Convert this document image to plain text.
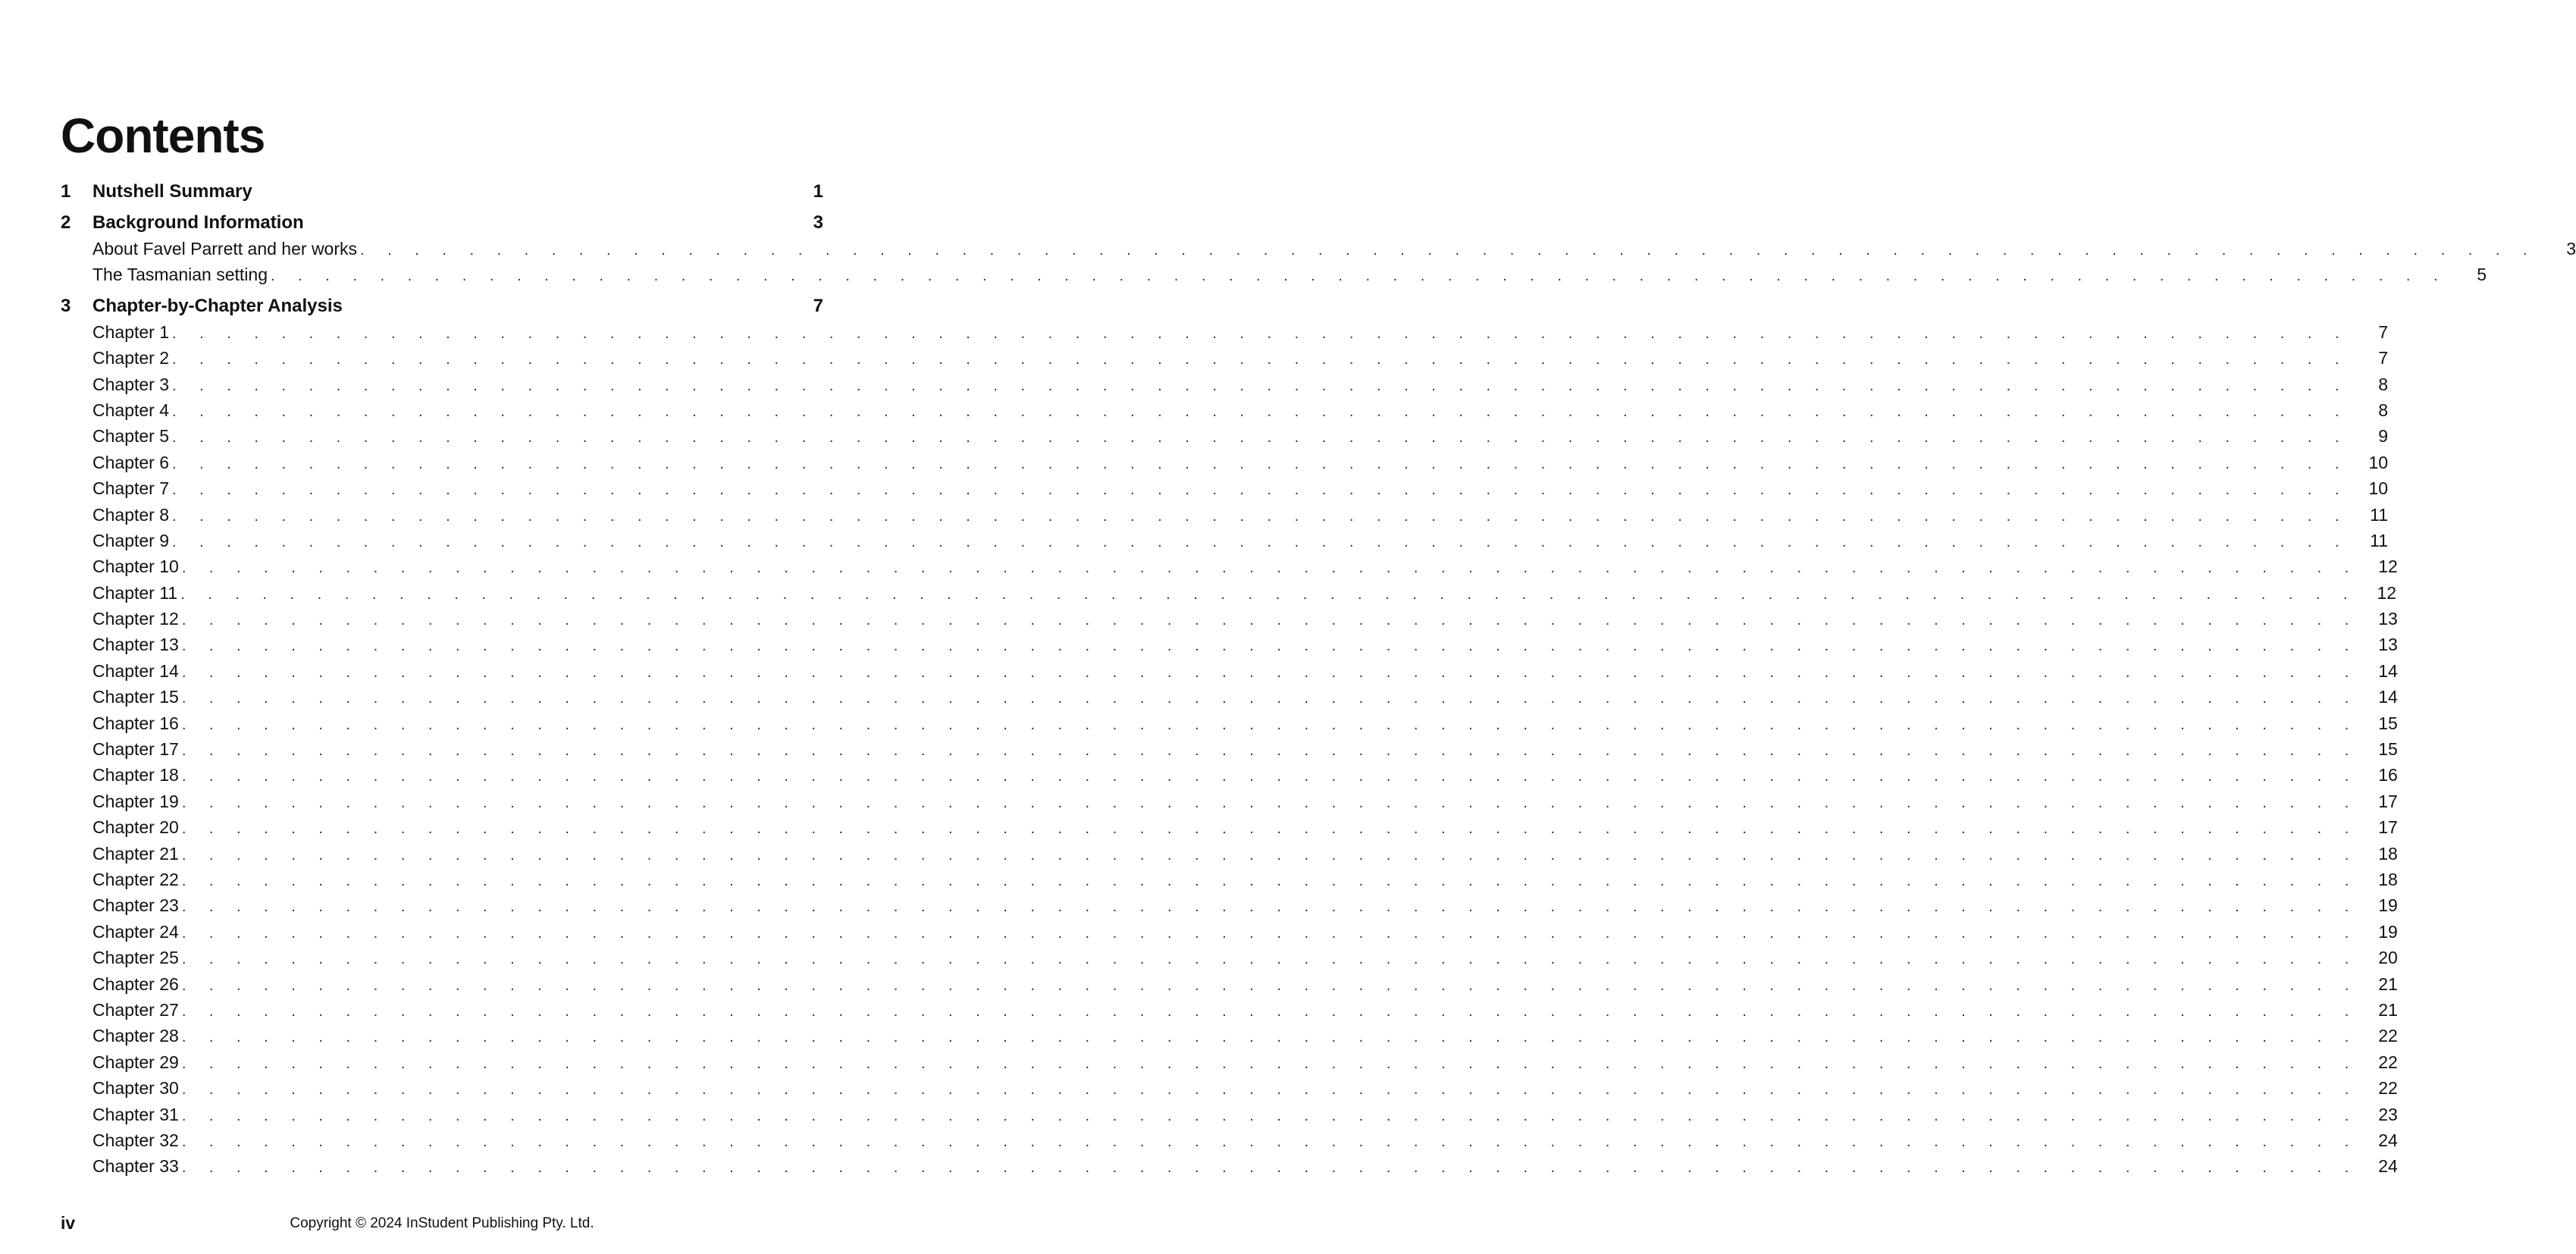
Contents
1	Nutshell Summary	1
2	Background Information	3
About Favel Parrett and her works . . . . . . . . . . . . . . . . . . . . . . . . . . . . . . . . . . . . . . . . . . . . . . . . . . . . . . . . . . . . . . . . . . . . . . . . . . . . . . . .	3
The Tasmanian setting . . . . . . . . . . . . . . . . . . . . . . . . . . . . . . . . . . . . . . . . . . . . . . . . . . . . . . . . . . . . . . . . . . . . . . . . . . . . . . . .	5
3	Chapter-by-Chapter Analysis	7
Chapter 1 . . . . . . . . . . . . . . . . . . . . . . . . . . . . . . . . . . . . . . . . . . . . . . . . . . . . . . . . . . . . . . . . . . . . . . . . . . . . . . . .	7
Chapter 2 . . . . . . . . . . . . . . . . . . . . . . . . . . . . . . . . . . . . . . . . . . . . . . . . . . . . . . . . . . . . . . . . . . . . . . . . . . . . . . . .	7
Chapter 3 . . . . . . . . . . . . . . . . . . . . . . . . . . . . . . . . . . . . . . . . . . . . . . . . . . . . . . . . . . . . . . . . . . . . . . . . . . . . . . . .	8
Chapter 4 . . . . . . . . . . . . . . . . . . . . . . . . . . . . . . . . . . . . . . . . . . . . . . . . . . . . . . . . . . . . . . . . . . . . . . . . . . . . . . . .	8
Chapter 5 . . . . . . . . . . . . . . . . . . . . . . . . . . . . . . . . . . . . . . . . . . . . . . . . . . . . . . . . . . . . . . . . . . . . . . . . . . . . . . . .	9
Chapter 6 . . . . . . . . . . . . . . . . . . . . . . . . . . . . . . . . . . . . . . . . . . . . . . . . . . . . . . . . . . . . . . . . . . . . . . . . . . . . . . . .	10
Chapter 7 . . . . . . . . . . . . . . . . . . . . . . . . . . . . . . . . . . . . . . . . . . . . . . . . . . . . . . . . . . . . . . . . . . . . . . . . . . . . . . . .	10
Chapter 8 . . . . . . . . . . . . . . . . . . . . . . . . . . . . . . . . . . . . . . . . . . . . . . . . . . . . . . . . . . . . . . . . . . . . . . . . . . . . . . . .	11
Chapter 9 . . . . . . . . . . . . . . . . . . . . . . . . . . . . . . . . . . . . . . . . . . . . . . . . . . . . . . . . . . . . . . . . . . . . . . . . . . . . . . . .	11
Chapter 10 . . . . . . . . . . . . . . . . . . . . . . . . . . . . . . . . . . . . . . . . . . . . . . . . . . . . . . . . . . . . . . . . . . . . . . . . . . . . . . . .	12
Chapter 11 . . . . . . . . . . . . . . . . . . . . . . . . . . . . . . . . . . . . . . . . . . . . . . . . . . . . . . . . . . . . . . . . . . . . . . . . . . . . . . . .	12
Chapter 12 . . . . . . . . . . . . . . . . . . . . . . . . . . . . . . . . . . . . . . . . . . . . . . . . . . . . . . . . . . . . . . . . . . . . . . . . . . . . . . . .	13
Chapter 13 . . . . . . . . . . . . . . . . . . . . . . . . . . . . . . . . . . . . . . . . . . . . . . . . . . . . . . . . . . . . . . . . . . . . . . . . . . . . . . . .	13
Chapter 14 . . . . . . . . . . . . . . . . . . . . . . . . . . . . . . . . . . . . . . . . . . . . . . . . . . . . . . . . . . . . . . . . . . . . . . . . . . . . . . . .	14
Chapter 15 . . . . . . . . . . . . . . . . . . . . . . . . . . . . . . . . . . . . . . . . . . . . . . . . . . . . . . . . . . . . . . . . . . . . . . . . . . . . . . . .	14
Chapter 16 . . . . . . . . . . . . . . . . . . . . . . . . . . . . . . . . . . . . . . . . . . . . . . . . . . . . . . . . . . . . . . . . . . . . . . . . . . . . . . . .	15
Chapter 17 . . . . . . . . . . . . . . . . . . . . . . . . . . . . . . . . . . . . . . . . . . . . . . . . . . . . . . . . . . . . . . . . . . . . . . . . . . . . . . . .	15
Chapter 18 . . . . . . . . . . . . . . . . . . . . . . . . . . . . . . . . . . . . . . . . . . . . . . . . . . . . . . . . . . . . . . . . . . . . . . . . . . . . . . . .	16
Chapter 19 . . . . . . . . . . . . . . . . . . . . . . . . . . . . . . . . . . . . . . . . . . . . . . . . . . . . . . . . . . . . . . . . . . . . . . . . . . . . . . . .	17
Chapter 20 . . . . . . . . . . . . . . . . . . . . . . . . . . . . . . . . . . . . . . . . . . . . . . . . . . . . . . . . . . . . . . . . . . . . . . . . . . . . . . . .	17
Chapter 21 . . . . . . . . . . . . . . . . . . . . . . . . . . . . . . . . . . . . . . . . . . . . . . . . . . . . . . . . . . . . . . . . . . . . . . . . . . . . . . . .	18
Chapter 22 . . . . . . . . . . . . . . . . . . . . . . . . . . . . . . . . . . . . . . . . . . . . . . . . . . . . . . . . . . . . . . . . . . . . . . . . . . . . . . . .	18
Chapter 23 . . . . . . . . . . . . . . . . . . . . . . . . . . . . . . . . . . . . . . . . . . . . . . . . . . . . . . . . . . . . . . . . . . . . . . . . . . . . . . . .	19
Chapter 24 . . . . . . . . . . . . . . . . . . . . . . . . . . . . . . . . . . . . . . . . . . . . . . . . . . . . . . . . . . . . . . . . . . . . . . . . . . . . . . . .	19
Chapter 25 . . . . . . . . . . . . . . . . . . . . . . . . . . . . . . . . . . . . . . . . . . . . . . . . . . . . . . . . . . . . . . . . . . . . . . . . . . . . . . . .	20
Chapter 26 . . . . . . . . . . . . . . . . . . . . . . . . . . . . . . . . . . . . . . . . . . . . . . . . . . . . . . . . . . . . . . . . . . . . . . . . . . . . . . . .	21
Chapter 27 . . . . . . . . . . . . . . . . . . . . . . . . . . . . . . . . . . . . . . . . . . . . . . . . . . . . . . . . . . . . . . . . . . . . . . . . . . . . . . . .	21
Chapter 28 . . . . . . . . . . . . . . . . . . . . . . . . . . . . . . . . . . . . . . . . . . . . . . . . . . . . . . . . . . . . . . . . . . . . . . . . . . . . . . . .	22
Chapter 29 . . . . . . . . . . . . . . . . . . . . . . . . . . . . . . . . . . . . . . . . . . . . . . . . . . . . . . . . . . . . . . . . . . . . . . . . . . . . . . . .	22
Chapter 30 . . . . . . . . . . . . . . . . . . . . . . . . . . . . . . . . . . . . . . . . . . . . . . . . . . . . . . . . . . . . . . . . . . . . . . . . . . . . . . . .	22
Chapter 31 . . . . . . . . . . . . . . . . . . . . . . . . . . . . . . . . . . . . . . . . . . . . . . . . . . . . . . . . . . . . . . . . . . . . . . . . . . . . . . . .	23
Chapter 32 . . . . . . . . . . . . . . . . . . . . . . . . . . . . . . . . . . . . . . . . . . . . . . . . . . . . . . . . . . . . . . . . . . . . . . . . . . . . . . . .	24
Chapter 33 . . . . . . . . . . . . . . . . . . . . . . . . . . . . . . . . . . . . . . . . . . . . . . . . . . . . . . . . . . . . . . . . . . . . . . . . . . . . . . . .	24
iv	Copyright © 2024 InStudent Publishing Pty. Ltd.
